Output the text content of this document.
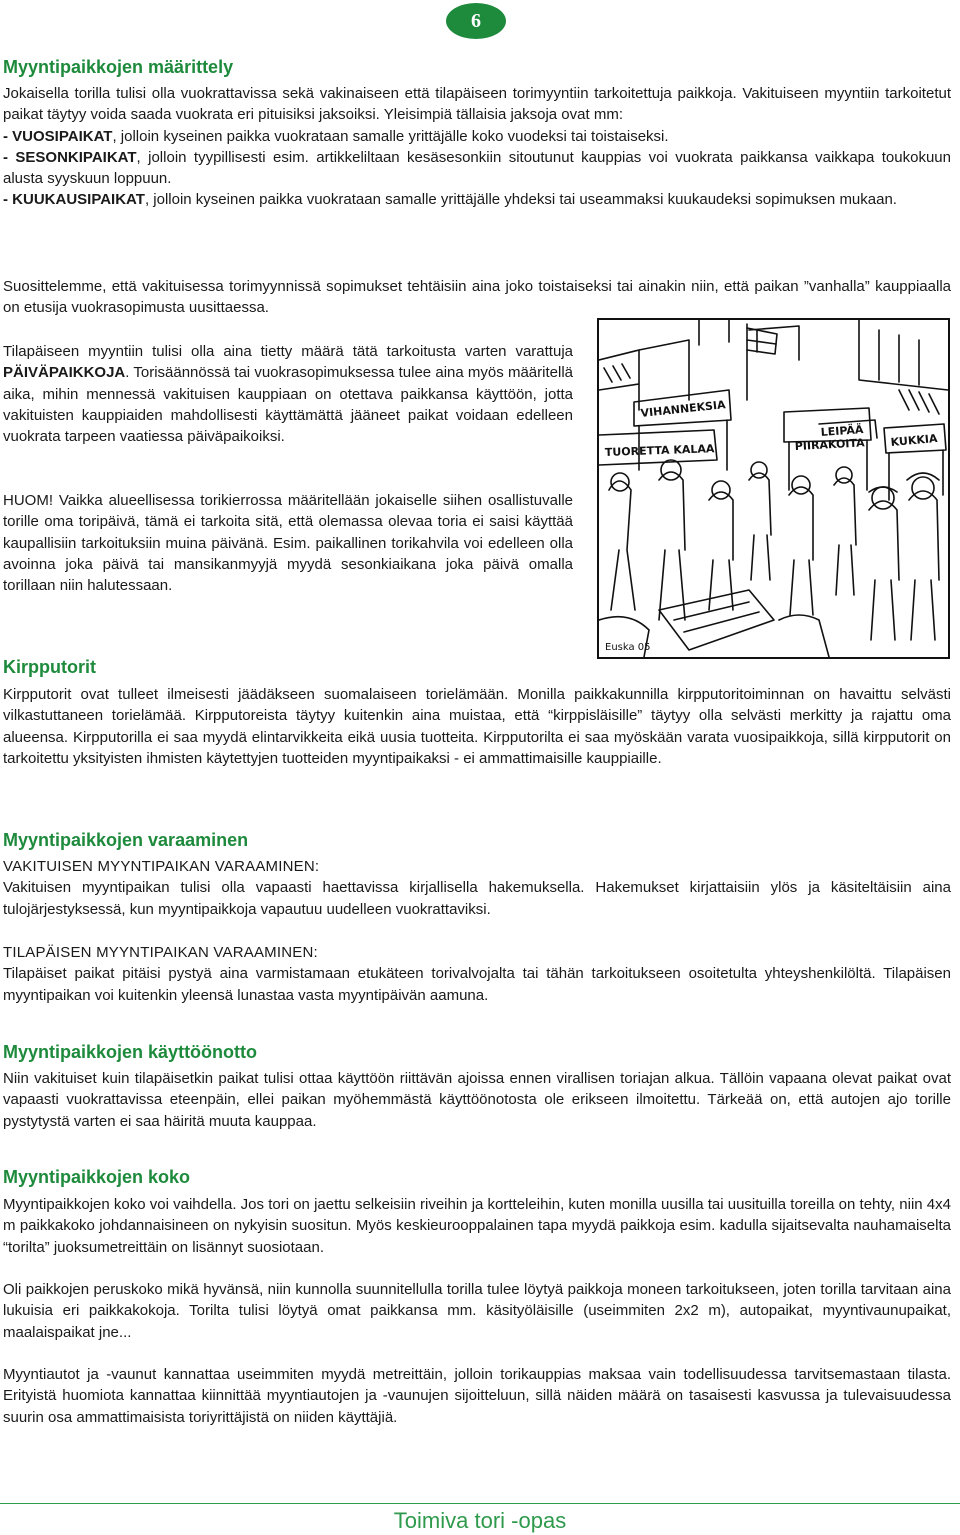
6
Myyntipaikkojen määrittely

Jokaisella torilla tulisi olla vuokrattavissa sekä vakinaiseen että tilapäiseen torimyyntiin tarkoitettuja paikkoja. Vakituiseen myyntiin tarkoitetut paikat täytyy voida saada vuokrata eri pituisiksi jaksoiksi. Yleisimpiä tällaisia jaksoja ovat mm:

- VUOSIPAIKAT, jolloin kyseinen paikka vuokrataan samalle yrittäjälle koko vuodeksi tai toistaiseksi.

- SESONKIPAIKAT, jolloin tyypillisesti esim. artikkeliltaan kesäsesonkiin sitoutunut kauppias voi vuokrata paikkansa vaikkapa toukokuun alusta syyskuun loppuun.

- KUUKAUSIPAIKAT, jolloin kyseinen paikka vuokrataan samalle yrittäjälle yhdeksi tai useammaksi kuukaudeksi sopimuksen mukaan.

Suosittelemme, että vakituisessa torimyynnissä sopimukset tehtäisiin aina joko toistaiseksi tai ainakin niin, että paikan ”vanhalla” kauppiaalla on etusija vuokrasopimusta uusittaessa.

Tilapäiseen myyntiin tulisi olla aina tietty määrä tätä tarkoitusta varten varattuja PÄIVÄPAIKKOJA. Torisäännössä tai vuokrasopimuksessa tulee aina myös määritellä aika, mihin mennessä vakituisen kauppiaan on otettava paikkansa käyttöön, jotta vakituisten kauppiaiden mahdollisesti käyttämättä jääneet paikat voidaan edelleen vuokrata tarpeen vaatiessa päiväpaikoiksi.

HUOM! Vaikka alueellisessa torikierrossa määritellään jokaiselle siihen osallistuvalle torille oma toripäivä, tämä ei tarkoita sitä, että olemassa olevaa toria ei saisi käyttää kaupallisiin tarkoituksiin muina päivänä. Esim. paikallinen torikahvila voi edelleen olla avoinna joka päivä tai mansikanmyyjä myydä sesonkiaikana joka päivä omalla torillaan niin halutessaan.

VIHANNEKSIA
LEIPÄÄ
TUORETTA KALAA	PIIRAKOITA KUKKIA
Euska 05
Kirpputorit

Kirpputorit ovat tulleet ilmeisesti jäädäkseen suomalaiseen torielämään. Monilla paikkakunnilla kirpputoritoiminnan on havaittu selvästi vilkastuttaneen torielämää. Kirpputoreista täytyy kuitenkin aina muistaa, että “kirppisläisille” täytyy olla selvästi merkitty ja rajattu oma alueensa. Kirpputorilla ei saa myydä elintarvikkeita eikä uusia tuotteita. Kirpputorilta ei saa myöskään varata vuosipaikkoja, sillä kirpputorit on tarkoitettu yksityisten ihmisten käytettyjen tuotteiden myyntipaikaksi - ei ammattimaisille kauppiaille.

Myyntipaikkojen varaaminen

VAKITUISEN MYYNTIPAIKAN VARAAMINEN:

Vakituisen myyntipaikan tulisi olla vapaasti haettavissa kirjallisella hakemuksella. Hakemukset kirjattaisiin ylös ja käsiteltäisiin aina tulojärjestyksessä, kun myyntipaikkoja vapautuu uudelleen vuokrattaviksi.

TILAPÄISEN MYYNTIPAIKAN VARAAMINEN:

Tilapäiset paikat pitäisi pystyä aina varmistamaan etukäteen torivalvojalta tai tähän tarkoitukseen osoitetulta yhteyshenkilöltä. Tilapäisen myyntipaikan voi kuitenkin yleensä lunastaa vasta myyntipäivän aamuna.

Myyntipaikkojen käyttöönotto

Niin vakituiset kuin tilapäisetkin paikat tulisi ottaa käyttöön riittävän ajoissa ennen virallisen toriajan alkua. Tällöin vapaana olevat paikat ovat vapaasti vuokrattavissa eteenpäin, ellei paikan myöhemmästä käyttöönotosta ole erikseen ilmoitettu. Tärkeää on, että autojen ajo torille pystytystä varten ei saa häiritä muuta kauppaa.

Myyntipaikkojen koko

Myyntipaikkojen koko voi vaihdella. Jos tori on jaettu selkeisiin riveihin ja kortteleihin, kuten monilla uusilla tai uusituilla toreilla on tehty, niin 4x4 m paikkakoko johdannaisineen on nykyisin suositun. Myös keskieurooppalainen tapa myydä paikkoja esim. kadulla sijaitsevalta nauhamaiselta “torilta” juoksumetreittäin on lisännyt suosiotaan.

Oli paikkojen peruskoko mikä hyvänsä, niin kunnolla suunnitellulla torilla tulee löytyä paikkoja moneen tarkoitukseen, joten torilla tarvitaan aina lukuisia eri paikkakokoja. Torilta tulisi löytyä omat paikkansa mm. käsityöläisille (useimmiten 2x2 m), autopaikat, myyntivaunupaikat, maalaispaikat jne...

Myyntiautot ja -vaunut kannattaa useimmiten myydä metreittäin, jolloin torikauppias maksaa vain todellisuudessa tarvitsemastaan tilasta. Erityistä huomiota kannattaa kiinnittää myyntiautojen ja -vaunujen sijoitteluun, sillä näiden määrä on tasaisesti kasvussa ja tulevaisuudessa suurin osa ammattimaisista toriyrittäjistä on niiden käyttäjiä.

Toimiva tori -opas
